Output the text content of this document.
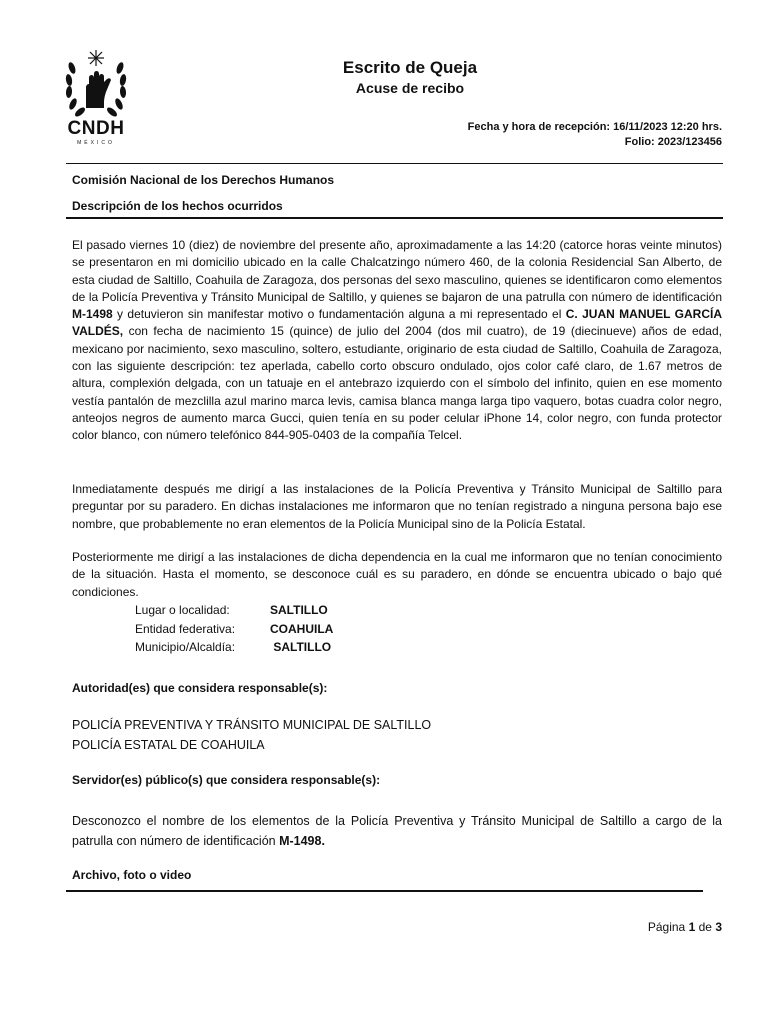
CNDH
MÉXICO
Escrito de Queja
Acuse de recibo
Fecha y hora de recepción: 16/11/2023 12:20 hrs.
Folio: 2023/123456
Comisión Nacional de los Derechos Humanos
Descripción de los hechos ocurridos
El pasado viernes 10 (diez) de noviembre del presente año, aproximadamente a las 14:20 (catorce horas veinte minutos) se presentaron en mi domicilio ubicado en la calle Chalcatzingo número 460, de la colonia Residencial San Alberto, de esta ciudad de Saltillo, Coahuila de Zaragoza, dos personas del sexo masculino, quienes se identificaron como elementos de la Policía Preventiva y Tránsito Municipal de Saltillo, y quienes se bajaron de una patrulla con número de identificación M-1498 y detuvieron sin manifestar motivo o fundamentación alguna a mi representado el C. JUAN MANUEL GARCÍA VALDÉS, con fecha de nacimiento 15 (quince) de julio del 2004 (dos mil cuatro), de 19 (diecinueve) años de edad, mexicano por nacimiento, sexo masculino, soltero, estudiante, originario de esta ciudad de Saltillo, Coahuila de Zaragoza, con las siguiente descripción: tez aperlada, cabello corto obscuro ondulado, ojos color café claro, de 1.67 metros de altura, complexión delgada, con un tatuaje en el antebrazo izquierdo con el símbolo del infinito, quien en ese momento vestía pantalón de mezclilla azul marino marca levis, camisa blanca manga larga tipo vaquero, botas cuadra color negro, anteojos negros de aumento marca Gucci, quien tenía en su poder celular iPhone 14, color negro, con funda protector color blanco, con número telefónico 844-905-0403 de la compañía Telcel.
Inmediatamente después me dirigí a las instalaciones de la Policía Preventiva y Tránsito Municipal de Saltillo para preguntar por su paradero. En dichas instalaciones me informaron que no tenían registrado a ninguna persona bajo ese nombre, que probablemente no eran elementos de la Policía Municipal sino de la Policía Estatal.
Posteriormente me dirigí a las instalaciones de dicha dependencia en la cual me informaron que no tenían conocimiento de la situación. Hasta el momento, se desconoce cuál es su paradero, en dónde se encuentra ubicado o bajo qué condiciones.
Lugar o localidad:	SALTILLO
Entidad federativa:	COAHUILA
Municipio/Alcaldía:	SALTILLO
Autoridad(es) que considera responsable(s):
POLICÍA PREVENTIVA Y TRÁNSITO MUNICIPAL DE SALTILLO
POLICÍA ESTATAL DE COAHUILA
Servidor(es) público(s) que considera responsable(s):
Desconozco el nombre de los elementos de la Policía Preventiva y Tránsito Municipal de Saltillo a cargo de la patrulla con número de identificación M-1498.
Archivo, foto o video
Página 1 de 3
